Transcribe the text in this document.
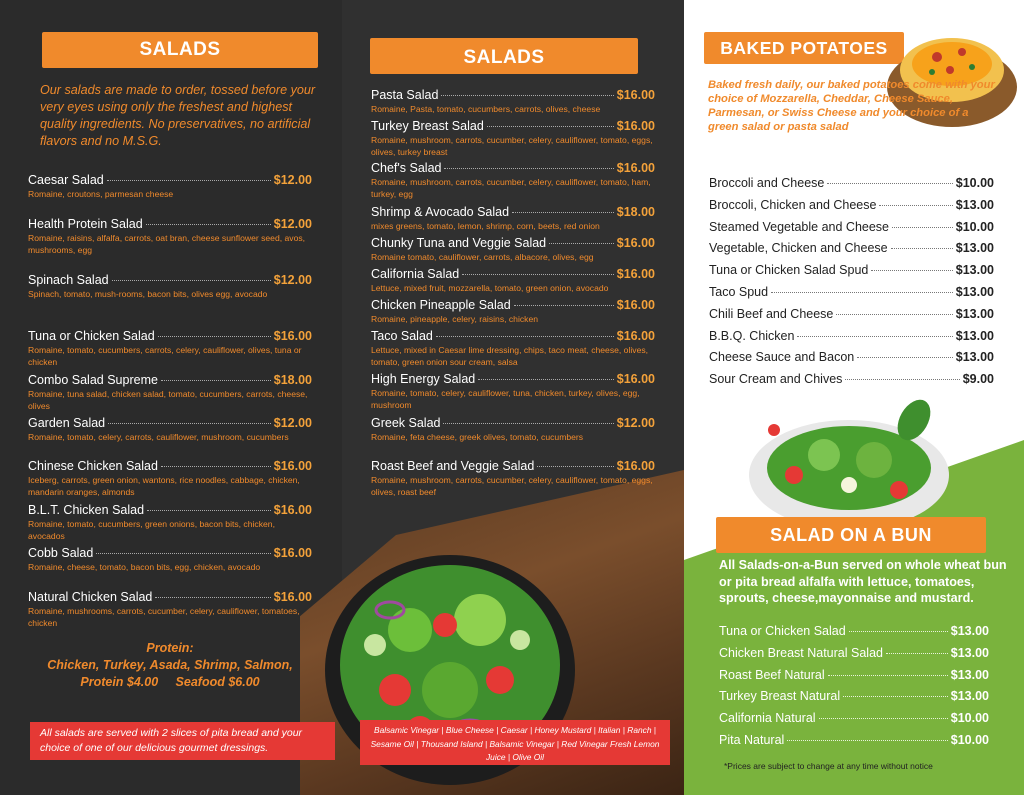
SALADS
Our salads are made to order, tossed before your very eyes using only the freshest and highest quality ingredients. No preservatives, no artificial flavors and no M.S.G.
Caesar Salad	$12.00
Romaine, croutons, parmesan cheese
Health Protein Salad	$12.00
Romaine, raisins, alfalfa, carrots, oat bran, cheese sunflower seed, avos, mushrooms, egg
Spinach Salad	$12.00
Spinach, tomato, mush-rooms, bacon bits, olives egg, avocado
Tuna or Chicken Salad	$16.00
Romaine, tomato, cucumbers, carrots, celery, cauliflower, olives, tuna or chicken
Combo Salad Supreme	$18.00
Romaine, tuna salad, chicken salad, tomato, cucumbers, carrots, cheese, olives
Garden Salad	$12.00
Romaine, tomato, celery, carrots, cauliflower, mushroom, cucumbers
Chinese Chicken Salad	$16.00
Iceberg, carrots, green onion, wantons, rice noodles, cabbage, chicken, mandarin oranges, almonds
B.L.T. Chicken Salad	$16.00
Romaine, tomato, cucumbers, green onions, bacon bits, chicken, avocados
Cobb Salad	$16.00
Romaine, cheese, tomato, bacon bits, egg, chicken, avocado
Natural Chicken Salad	$16.00
Romaine, mushrooms, carrots, cucumber, celery, cauliflower, tomatoes, chicken
Protein:
Chicken, Turkey, Asada, Shrimp, Salmon,
Protein $4.00     Seafood $6.00
SALADS
Pasta Salad	$16.00
Romaine, Pasta, tomato, cucumbers, carrots, olives, cheese
Turkey Breast Salad	$16.00
Romaine, mushroom, carrots, cucumber, celery, cauliflower, tomato, eggs, olives, turkey breast
Chef's Salad	$16.00
Romaine, mushroom, carrots, cucumber, celery, cauliflower, tomato, ham, turkey, egg
Shrimp & Avocado Salad	$18.00
mixes greens, tomato, lemon, shrimp, corn, beets, red onion
Chunky Tuna and Veggie Salad	$16.00
Romaine tomato, cauliflower, carrots, albacore, olives, egg
California Salad	$16.00
Lettuce, mixed fruit, mozzarella, tomato, green onion, avocado
Chicken Pineapple Salad	$16.00
Romaine, pineapple, celery, raisins, chicken
Taco Salad	$16.00
Lettuce, mixed in Caesar lime dressing, chips, taco meat, cheese, olives, tomato, green onion sour cream, salsa
High Energy Salad	$16.00
Romaine, tomato, celery, cauliflower, tuna, chicken, turkey, olives, egg, mushroom
Greek Salad	$12.00
Romaine, feta cheese, greek olives, tomato, cucumbers
Roast Beef and Veggie Salad	$16.00
Romaine, mushroom, carrots, cucumber, celery, cauliflower, tomato, eggs, olives, roast beef
All salads are served with 2 slices of pita bread and your choice of one of our delicious gourmet dressings.
Balsamic Vinegar | Blue Cheese | Caesar | Honey Mustard | Italian | Ranch | Sesame Oil | Thousand Island | Balsamic Vinegar | Red Vinegar Fresh Lemon Juice | Olive Oil
BAKED POTATOES
Baked fresh daily, our baked potatoes come with your choice of Mozzarella, Cheddar, Cheese Sauce, Parmesan, or Swiss Cheese and your choice of a green salad or pasta salad
Broccoli and Cheese	$10.00
Broccoli, Chicken and Cheese	$13.00
Steamed Vegetable and Cheese	$10.00
Vegetable, Chicken and Cheese	$13.00
Tuna or Chicken Salad Spud	$13.00
Taco Spud	$13.00
Chili Beef and Cheese	$13.00
B.B.Q. Chicken	$13.00
Cheese Sauce and Bacon	$13.00
Sour Cream and Chives	$9.00
SALAD ON A BUN
All Salads-on-a-Bun served on whole wheat bun or pita bread alfalfa with lettuce, tomatoes, sprouts, cheese,mayonnaise and mustard.
Tuna or Chicken Salad	$13.00
Chicken Breast Natural Salad	$13.00
Roast Beef Natural	$13.00
Turkey Breast Natural	$13.00
California Natural	$10.00
Pita Natural	$10.00
*Prices are subject to change at any time without notice
